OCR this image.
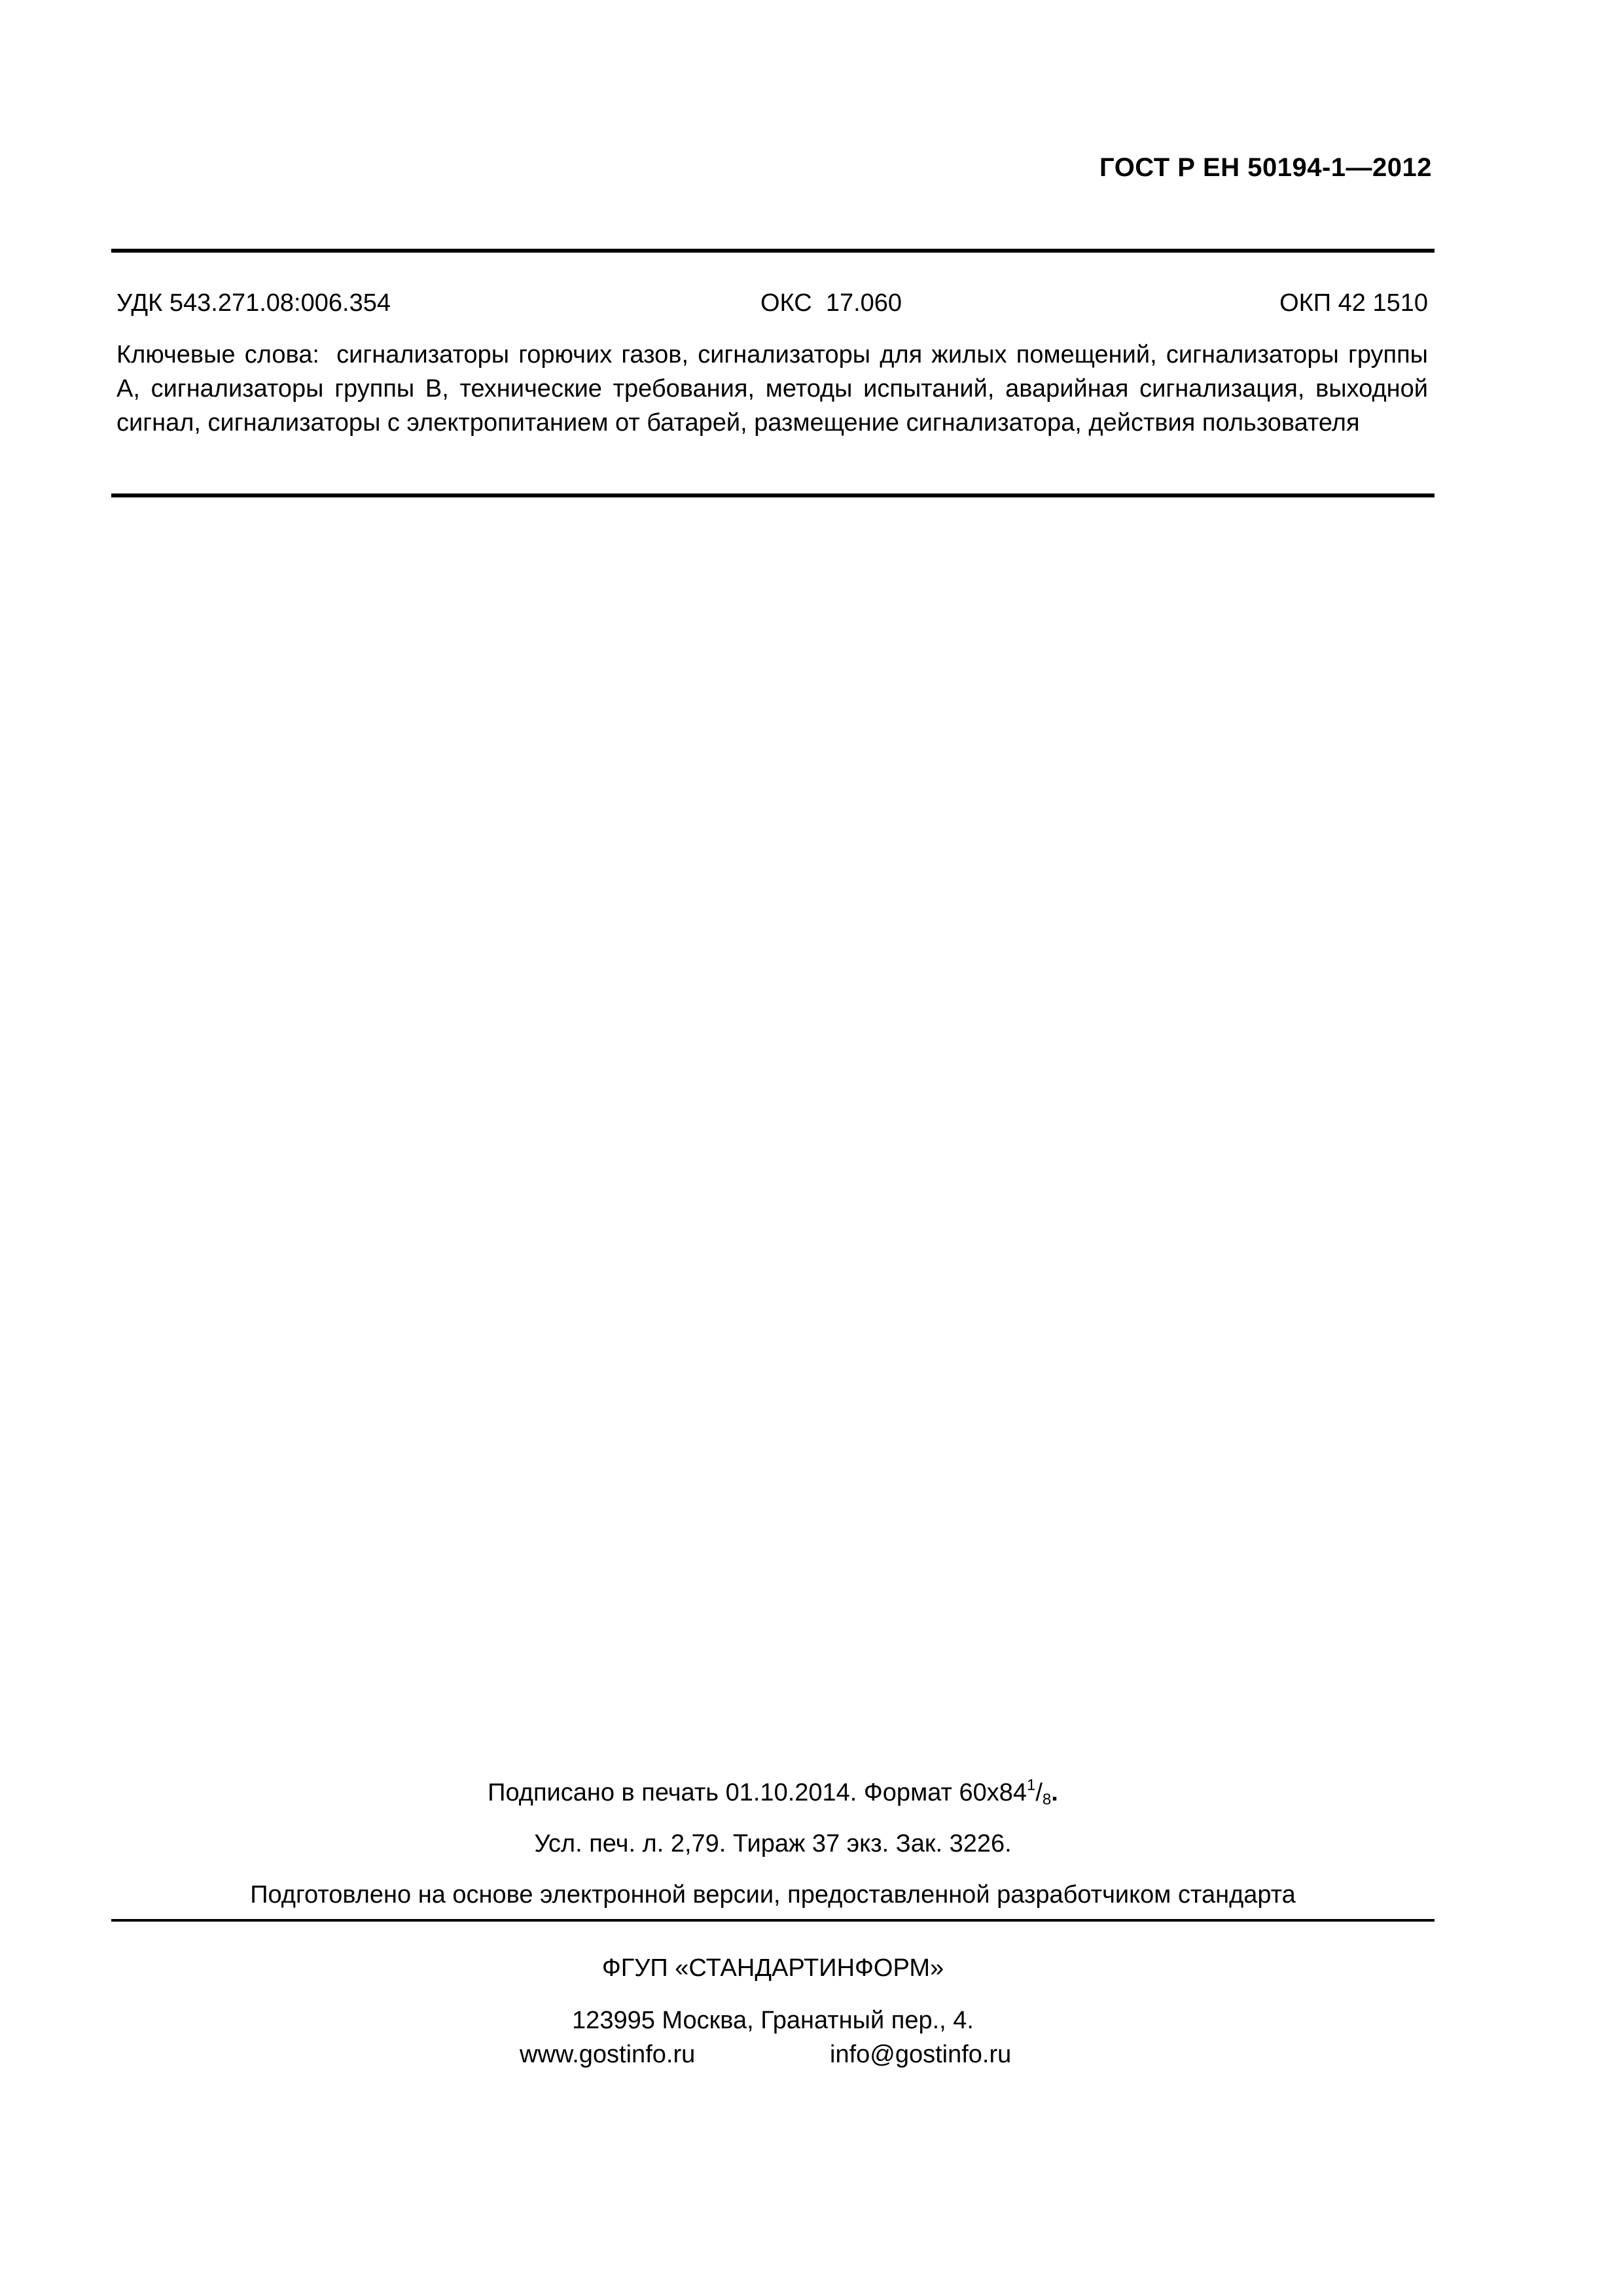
ГОСТ Р ЕН 50194-1—2012
УДК 543.271.08:006.354	ОКС  17.060	ОКП 42 1510
Ключевые слова: сигнализаторы горючих газов, сигнализаторы для жилых помещений, сигнализаторы группы А, сигнализаторы группы В, технические требования, методы испытаний, аварийная сигнализация, выходной сигнал, сигнализаторы с электропитанием от батарей, размещение сигнализатора, действия пользователя
Подписано в печать 01.10.2014. Формат $60x84^1/_8$.
Усл. печ. л. 2,79. Тираж 37 экз. Зак. 3226.
Подготовлено на основе электронной версии, предоставленной разработчиком стандарта
ФГУП «СТАНДАРТИНФОРМ»
123995 Москва, Гранатный пер., 4.
www.gostinfo.ru	info@gostinfo.ru
